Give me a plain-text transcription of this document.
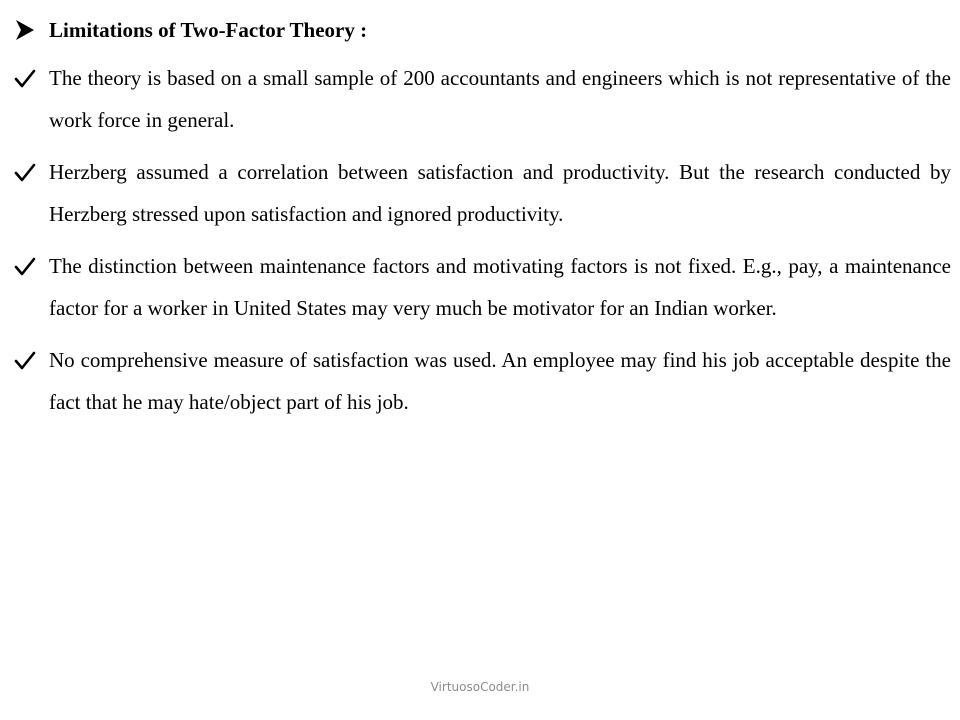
Limitations of Two-Factor Theory :
The theory is based on a small sample of 200 accountants and engineers which is not representative of the work force in general.
Herzberg assumed a correlation between satisfaction and productivity. But the research conducted by Herzberg stressed upon satisfaction and ignored productivity.
The distinction between maintenance factors and motivating factors is not fixed. E.g., pay, a maintenance factor for a worker in United States may very much be motivator for an Indian worker.
No comprehensive measure of satisfaction was used. An employee may find his job acceptable despite the fact that he may hate/object part of his job.
VirtuosoCoder.in
